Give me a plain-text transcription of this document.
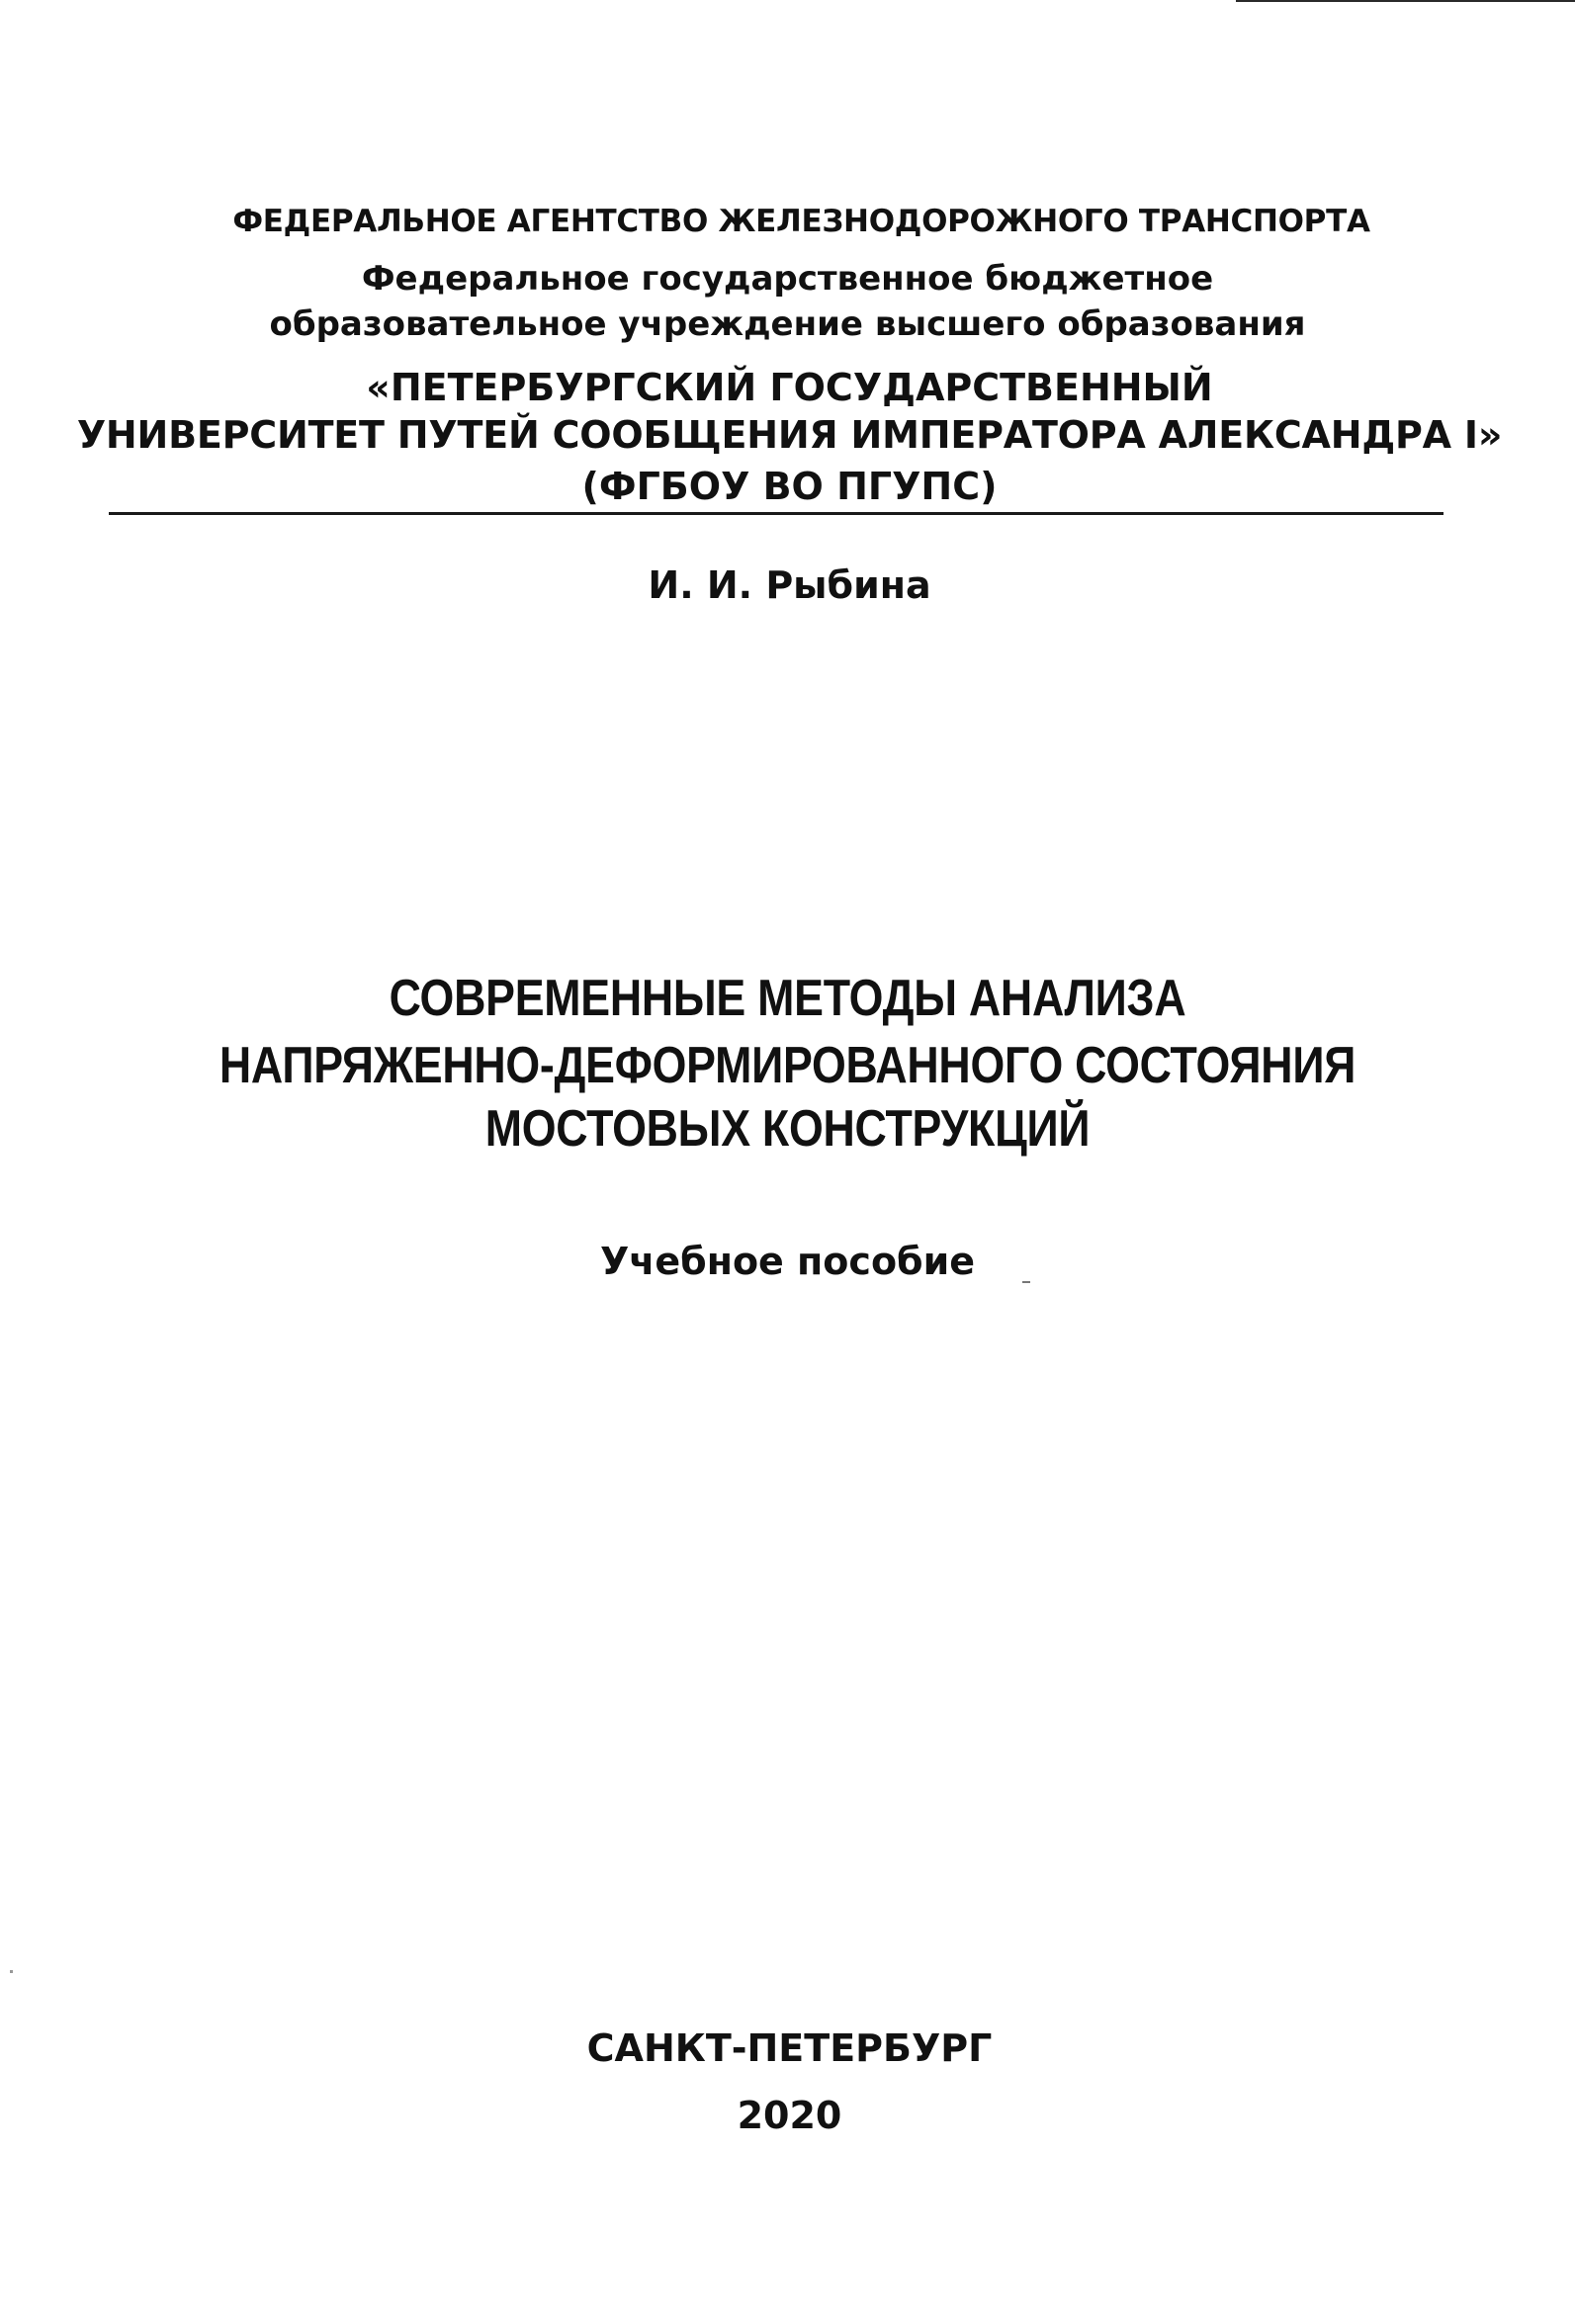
ФЕДЕРАЛЬНОЕ АГЕНТСТВО ЖЕЛЕЗНОДОРОЖНОГО ТРАНСПОРТА
Федеральное государственное бюджетное
образовательное учреждение высшего образования
«ПЕТЕРБУРГСКИЙ ГОСУДАРСТВЕННЫЙ
УНИВЕРСИТЕТ ПУТЕЙ СООБЩЕНИЯ ИМПЕРАТОРА АЛЕКСАНДРА I»
(ФГБОУ ВО ПГУПС)
И. И. Рыбина
СОВРЕМЕННЫЕ МЕТОДЫ АНАЛИЗА
НАПРЯЖЕННО-ДЕФОРМИРОВАННОГО СОСТОЯНИЯ
МОСТОВЫХ КОНСТРУКЦИЙ
Учебное пособие
САНКТ-ПЕТЕРБУРГ
2020
